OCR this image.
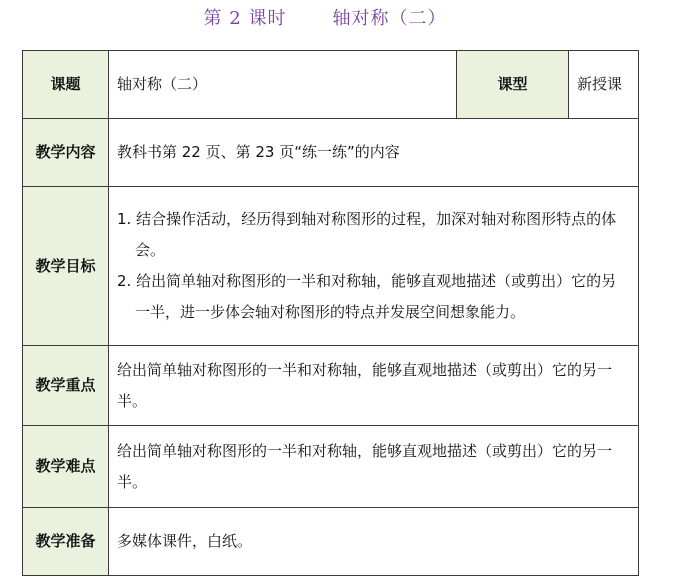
第 2 课时	轴对称（二）
课题	轴对称（二）	课型	新授课
教学内容	教科书第 22 页、第 23 页“练一练”的内容		
教学目标	1. 结合操作活动，经历得到轴对称图形的过程，加深对轴对称图形特点的体会。
2. 给出简单轴对称图形的一半和对称轴，能够直观地描述（或剪出）它的另一半，进一步体会轴对称图形的特点并发展空间想象能力。		

教学重点	给出简单轴对称图形的一半和对称轴，能够直观地描述（或剪出）它的另一半。		
教学难点	给出简单轴对称图形的一半和对称轴，能够直观地描述（或剪出）它的另一半。		
教学准备	多媒体课件，白纸。		
